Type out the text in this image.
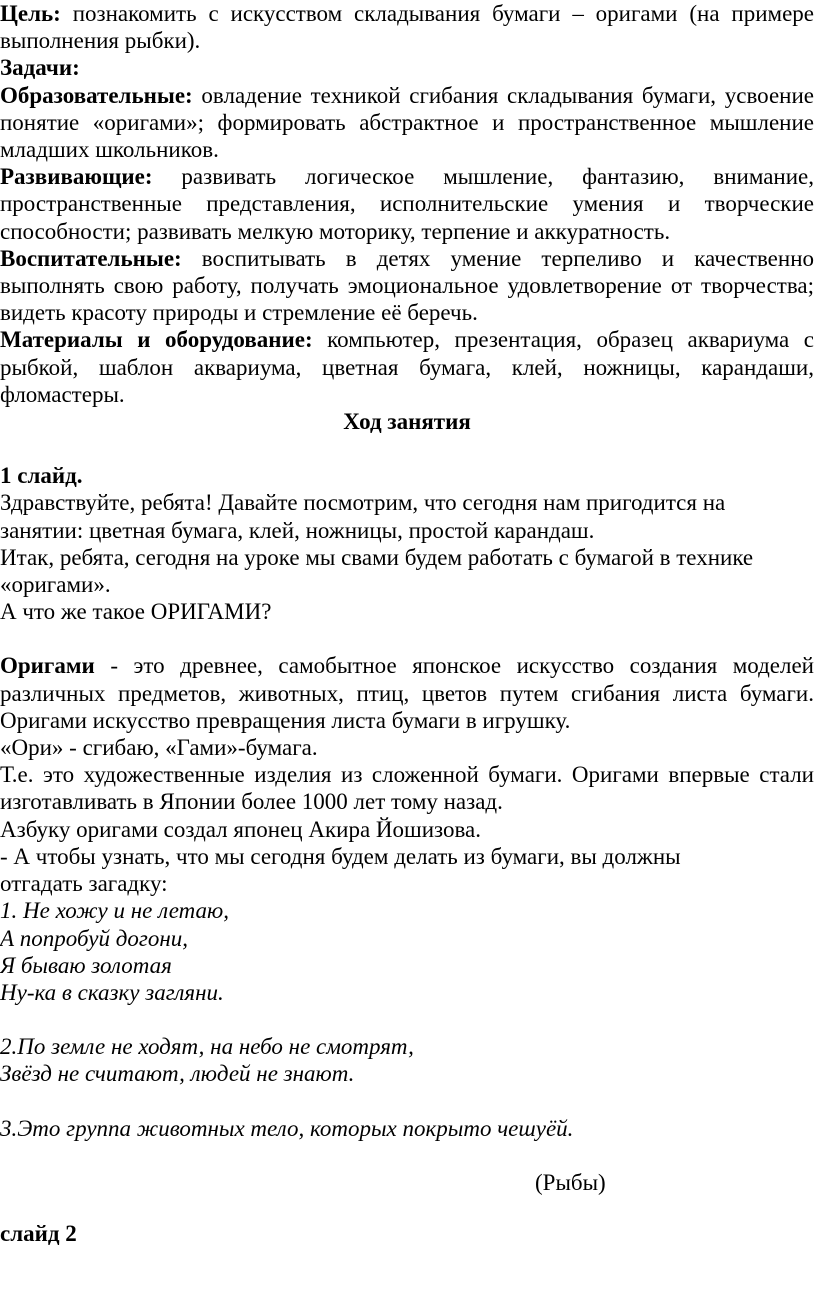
Цель: познакомить с искусством складывания бумаги – оригами (на примере выполнения рыбки).

Задачи:

Образовательные: овладение техникой сгибания складывания бумаги, усвоение понятие «оригами»; формировать абстрактное и пространственное мышление младших школьников.

Развивающие: развивать логическое мышление, фантазию, внимание, пространственные представления, исполнительские умения и творческие способности; развивать мелкую моторику, терпение и аккуратность.

Воспитательные: воспитывать в детях умение терпеливо и качественно выполнять свою работу, получать эмоциональное удовлетворение от творчества; видеть красоту природы и стремление её беречь.

Материалы и оборудование: компьютер, презентация, образец аквариума с рыбкой, шаблон аквариума, цветная бумага, клей, ножницы, карандаши, фломастеры.

Ход занятия

1 слайд.

Здравствуйте, ребята! Давайте посмотрим, что сегодня нам пригодится на

занятии: цветная бумага, клей, ножницы, простой карандаш.

Итак, ребята, сегодня на уроке мы свами будем работать с бумагой в технике

«оригами».

А что же такое ОРИГАМИ?

Оригами - это древнее, самобытное японское искусство создания моделей различных предметов, животных, птиц, цветов путем сгибания листа бумаги. Оригами искусство превращения листа бумаги в игрушку.

«Ори» - сгибаю, «Гами»-бумага.

Т.е. это художественные изделия из сложенной бумаги. Оригами впервые стали изготавливать в Японии более 1000 лет тому назад.

Азбуку оригами создал японец Акира Йошизова.

- А чтобы узнать, что мы сегодня будем делать из бумаги, вы должны

отгадать загадку:

1. Не хожу и не летаю,

А попробуй догони,

Я бываю золотая

Ну-ка в сказку загляни.

2.По земле не ходят, на небо не смотрят,

Звёзд не считают, людей не знают.

3.Это группа животных тело, которых покрыто чешуёй.

(Рыбы)

слайд 2
